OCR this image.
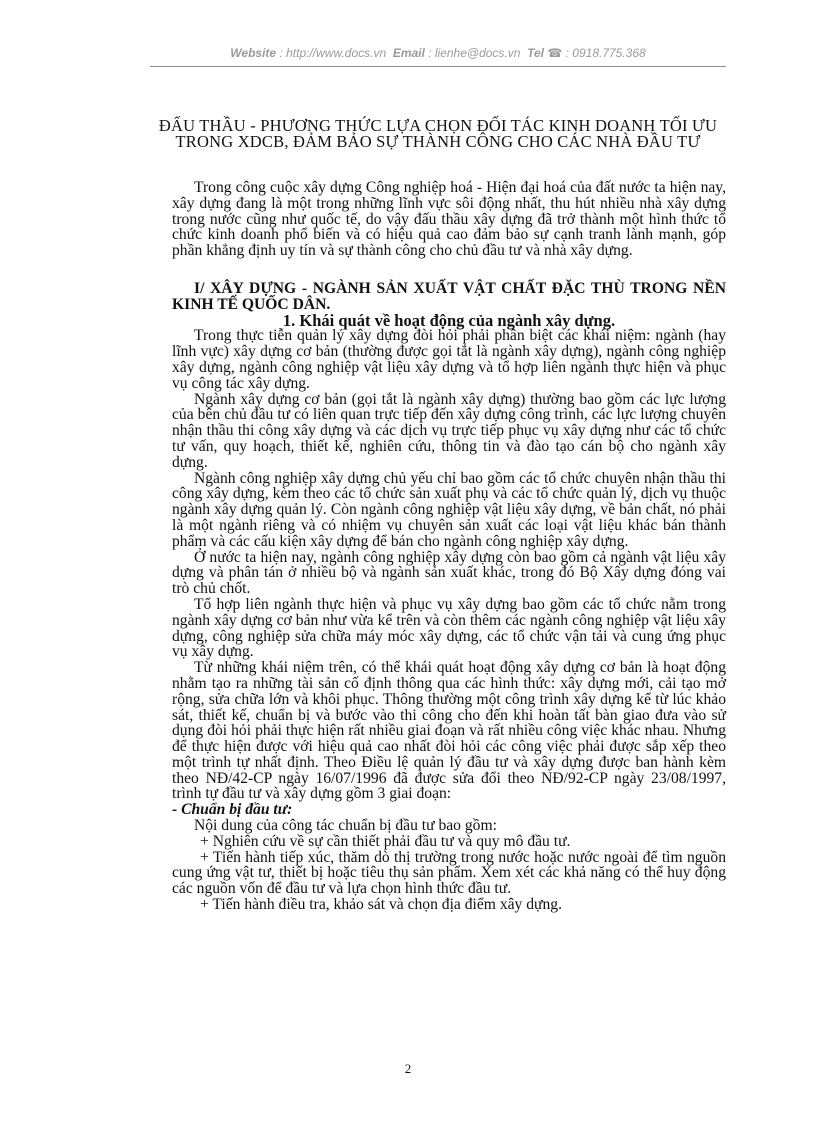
Website : http://www.docs.vn Email : lienhe@docs.vn Tel ☎ : 0918.775.368
ĐẤU THẦU - PHƯƠNG THỨC LỰA CHỌN ĐỐI TÁC KINH DOANH TỐI ƯU TRONG XDCB, ĐẢM BẢO SỰ THÀNH CÔNG CHO CÁC NHÀ ĐẦU TƯ

Trong công cuộc xây dựng Công nghiệp hoá - Hiện đại hoá của đất nước ta hiện nay, xây dựng đang là một trong những lĩnh vực sôi động nhất, thu hút nhiều nhà xây dựng trong nước cũng như quốc tế, do vậy đấu thầu xây dựng đã trở thành một hình thức tổ chức kinh doanh phổ biến và có hiệu quả cao đảm bảo sự cạnh tranh lành mạnh, góp phần khẳng định uy tín và sự thành công cho chủ đầu tư và nhà xây dựng.

I/ XÂY DỰNG - NGÀNH SẢN XUẤT VẬT CHẤT ĐẶC THÙ TRONG NỀN KINH TẾ QUỐC DÂN.

1. Khái quát về hoạt động của ngành xây dựng.

Trong thực tiễn quản lý xây dựng đòi hỏi phải phân biệt các khái niệm: ngành (hay lĩnh vực) xây dựng cơ bản (thường được gọi tắt là ngành xây dựng), ngành công nghiệp xây dựng, ngành công nghiệp vật liệu xây dựng và tổ hợp liên ngành thực hiện và phục vụ công tác xây dựng.

Ngành xây dựng cơ bản (gọi tắt là ngành xây dựng) thường bao gồm các lực lượng của bên chủ đầu tư có liên quan trực tiếp đến xây dựng công trình, các lực lượng chuyên nhận thầu thi công xây dựng và các dịch vụ trực tiếp phục vụ xây dựng như các tổ chức tư vấn, quy hoạch, thiết kế, nghiên cứu, thông tin và đào tạo cán bộ cho ngành xây dựng.

Ngành công nghiệp xây dựng chủ yếu chỉ bao gồm các tổ chức chuyên nhận thầu thi công xây dựng, kèm theo các tổ chức sản xuất phụ và các tổ chức quản lý, dịch vụ thuộc ngành xây dựng quản lý. Còn ngành công nghiệp vật liệu xây dựng, về bản chất, nó phải là một ngành riêng và có nhiệm vụ chuyên sản xuất các loại vật liệu khác bán thành phẩm và các cấu kiện xây dựng để bán cho ngành công nghiệp xây dựng.

Ở nước ta hiện nay, ngành công nghiệp xây dựng còn bao gồm cả ngành vật liệu xây dựng và phân tán ở nhiều bộ và ngành sản xuất khác, trong đó Bộ Xây dựng đóng vai trò chủ chốt.

Tổ hợp liên ngành thực hiện và phục vụ xây dựng bao gồm các tổ chức nằm trong ngành xây dựng cơ bản như vừa kể trên và còn thêm các ngành công nghiệp vật liệu xây dựng, công nghiệp sửa chữa máy móc xây dựng, các tổ chức vận tải và cung ứng phục vụ xây dựng.

Từ những khái niệm trên, có thể khái quát hoạt động xây dựng cơ bản là hoạt động nhằm tạo ra những tài sản cố định thông qua các hình thức: xây dựng mới, cải tạo mở rộng, sửa chữa lớn và khôi phục. Thông thường một công trình xây dựng kể từ lúc khảo sát, thiết kế, chuẩn bị và bước vào thi công cho đến khi hoàn tất bàn giao đưa vào sử dụng đòi hỏi phải thực hiện rất nhiều giai đoạn và rất nhiều công việc khác nhau. Nhưng để thực hiện được với hiệu quả cao nhất đòi hỏi các công việc phải được sắp xếp theo một trình tự nhất định. Theo Điều lệ quản lý đầu tư và xây dựng được ban hành kèm theo NĐ/42-CP ngày 16/07/1996 đã được sửa đổi theo NĐ/92-CP ngày 23/08/1997, trình tự đầu tư và xây dựng gồm 3 giai đoạn:

- Chuẩn bị đầu tư:

Nội dung của công tác chuẩn bị đầu tư bao gồm:

+ Nghiên cứu về sự cần thiết phải đầu tư và quy mô đầu tư.

+ Tiến hành tiếp xúc, thăm dò thị trường trong nước hoặc nước ngoài để tìm nguồn cung ứng vật tư, thiết bị hoặc tiêu thụ sản phẩm. Xem xét các khả năng có thể huy động các nguồn vốn để đầu tư và lựa chọn hình thức đầu tư.

+ Tiến hành điều tra, khảo sát và chọn địa điểm xây dựng.

2
